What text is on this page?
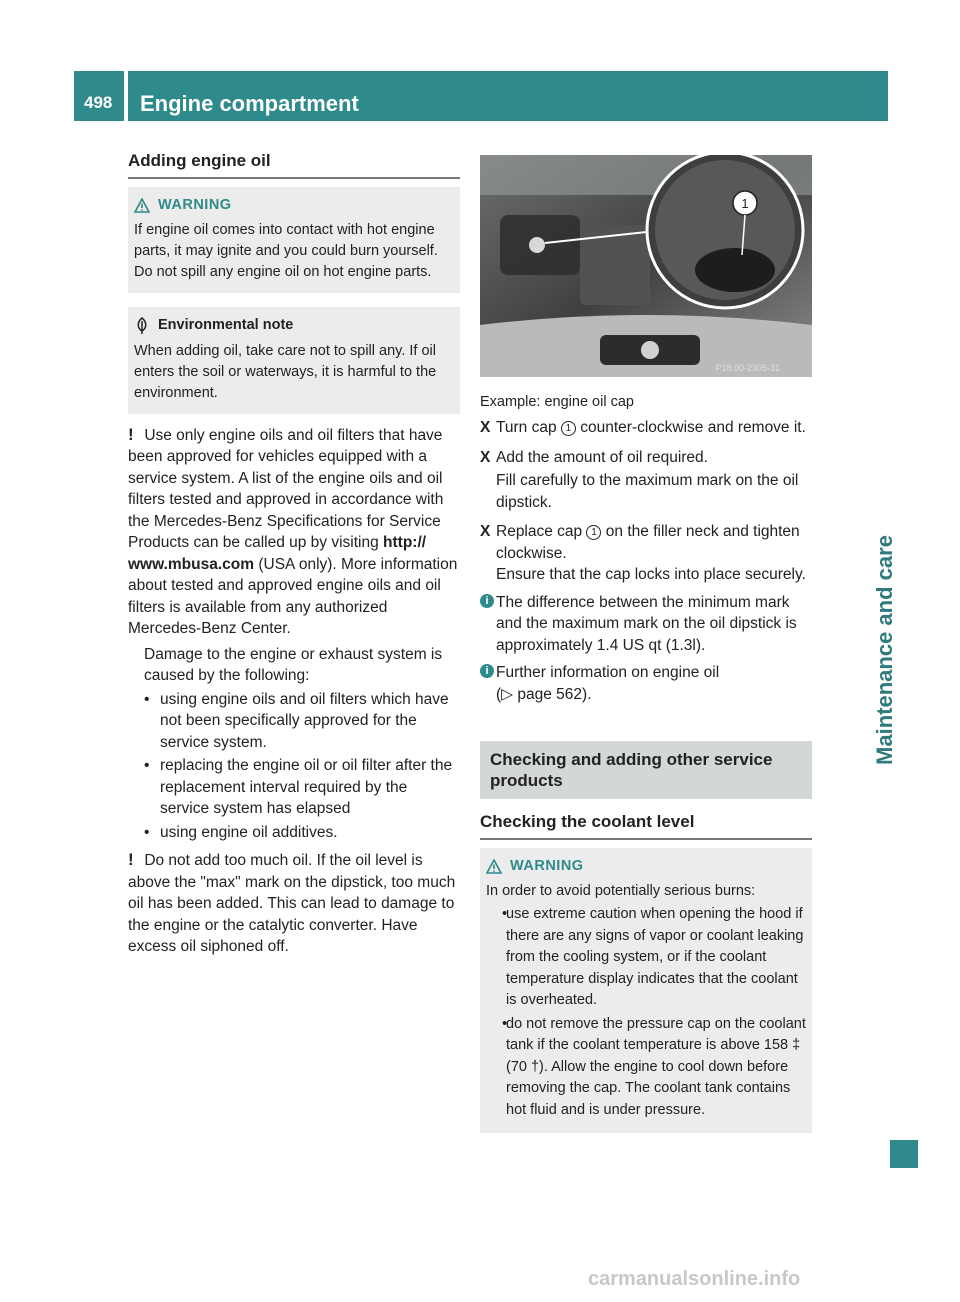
498	Engine compartment
Maintenance and care
Adding engine oil
WARNING

If engine oil comes into contact with hot engine parts, it may ignite and you could burn yourself. Do not spill any engine oil on hot engine parts.

Environmental note

When adding oil, take care not to spill any. If oil enters the soil or waterways, it is harmful to the environment.

! Use only engine oils and oil filters that have been approved for vehicles equipped with a service system. A list of the engine oils and oil filters tested and approved in accordance with the Mercedes-Benz Specifications for Service Products can be called up by visiting http:// www.mbusa.com (USA only). More information about tested and approved engine oils and oil filters is available from any authorized Mercedes-Benz Center.

Damage to the engine or exhaust system is caused by the following:

• using engine oils and oil filters which have not been specifically approved for the service system.
• replacing the engine oil or oil filter after the replacement interval required by the service system has elapsed
• using engine oil additives.

! Do not add too much oil. If the oil level is above the "max" mark on the dipstick, too much oil has been added. This can lead to damage to the engine or the catalytic converter. Have excess oil siphoned off.

1
P18.00-2305-31

Example: engine oil cap

X Turn cap 1 counter-clockwise and remove it.
X Add the amount of oil required.
Fill carefully to the maximum mark on the oil dipstick.
X Replace cap 1 on the filler neck and tighten clockwise.
Ensure that the cap locks into place securely.
i The difference between the minimum mark and the maximum mark on the oil dipstick is approximately 1.4 US qt (1.3l).
i Further information on engine oil
(▷ page 562).
Checking and adding other service products
Checking the coolant level
WARNING

In order to avoid potentially serious burns:

• use extreme caution when opening the hood if there are any signs of vapor or coolant leaking from the cooling system, or if the coolant temperature display indicates that the coolant is overheated.
• do not remove the pressure cap on the coolant tank if the coolant temperature is above 158 ‡ (70 †). Allow the engine to cool down before removing the cap. The coolant tank contains hot fluid and is under pressure.
carmanualsonline.info
